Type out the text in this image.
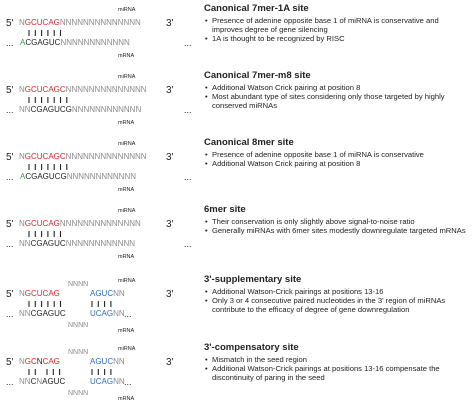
miRNA
5'	3'
NGCUCAGNNNNNNNNNNNNNN
... ACGAGUCNNNNNNNNNNNN	...
mRNA
Canonical 7mer-1A site
• Presence of adenine opposite base 1 of miRNA is conservative and improves degree of gene silencing
• 1A is thought to be recognized by RISC
miRNA
5'	3'
NGCUCAGCNNNNNNNNNNNNNN
... NNCGAGUCGNNNNNNNNNNNN	...
mRNA
Canonical 7mer-m8 site
• Additional Watson Crick pairing at position 8
• Most abundant type of sites considering only those targeted by highly conserved miRNAs
miRNA
5'	3'
NGCUCAGCNNNNNNNNNNNNNN
... ACGAGUCGNNNNNNNNNNNN	...
mRNA
Canonical 8mer site
• Presence of adenine opposite base 1 of miRNA is conservative
• Additional Watson Crick pairing at position 8
miRNA
5'	3'
NGCUCAGNNNNNNNNNNNNNN
... NNCGAGUCNNNNNNNNNNNN	...
mRNA
6mer site
• Their conservation is only slightly above signal-to-noise ratio
• Generally miRNAs with 6mer sites modestly downregulate targeted mRNAs
miRNA
5'	3'
NGCUCAG
NNNN
AGUCNN
... NNCGAGUC
NNNN
UCAGNN ...
mRNA
3'-supplementary site
• Additional Watson-Crick pairings at positions 13-16
• Only 3 or 4 consecutive paired nucleotides in the 3' region of miRNAs contribute to the efficacy of degree of gene downregulation
miRNA
5'	3'
NGCNCAG
NNNN
AGUCNN
... NNCNAGUC
NNNN
UCAGNN ...
mRNA
3'-compensatory site
• Mismatch in the seed region
• Additional Watson-Crick pairings at positions 13-16 compensate the discontinuity of paring in the seed
